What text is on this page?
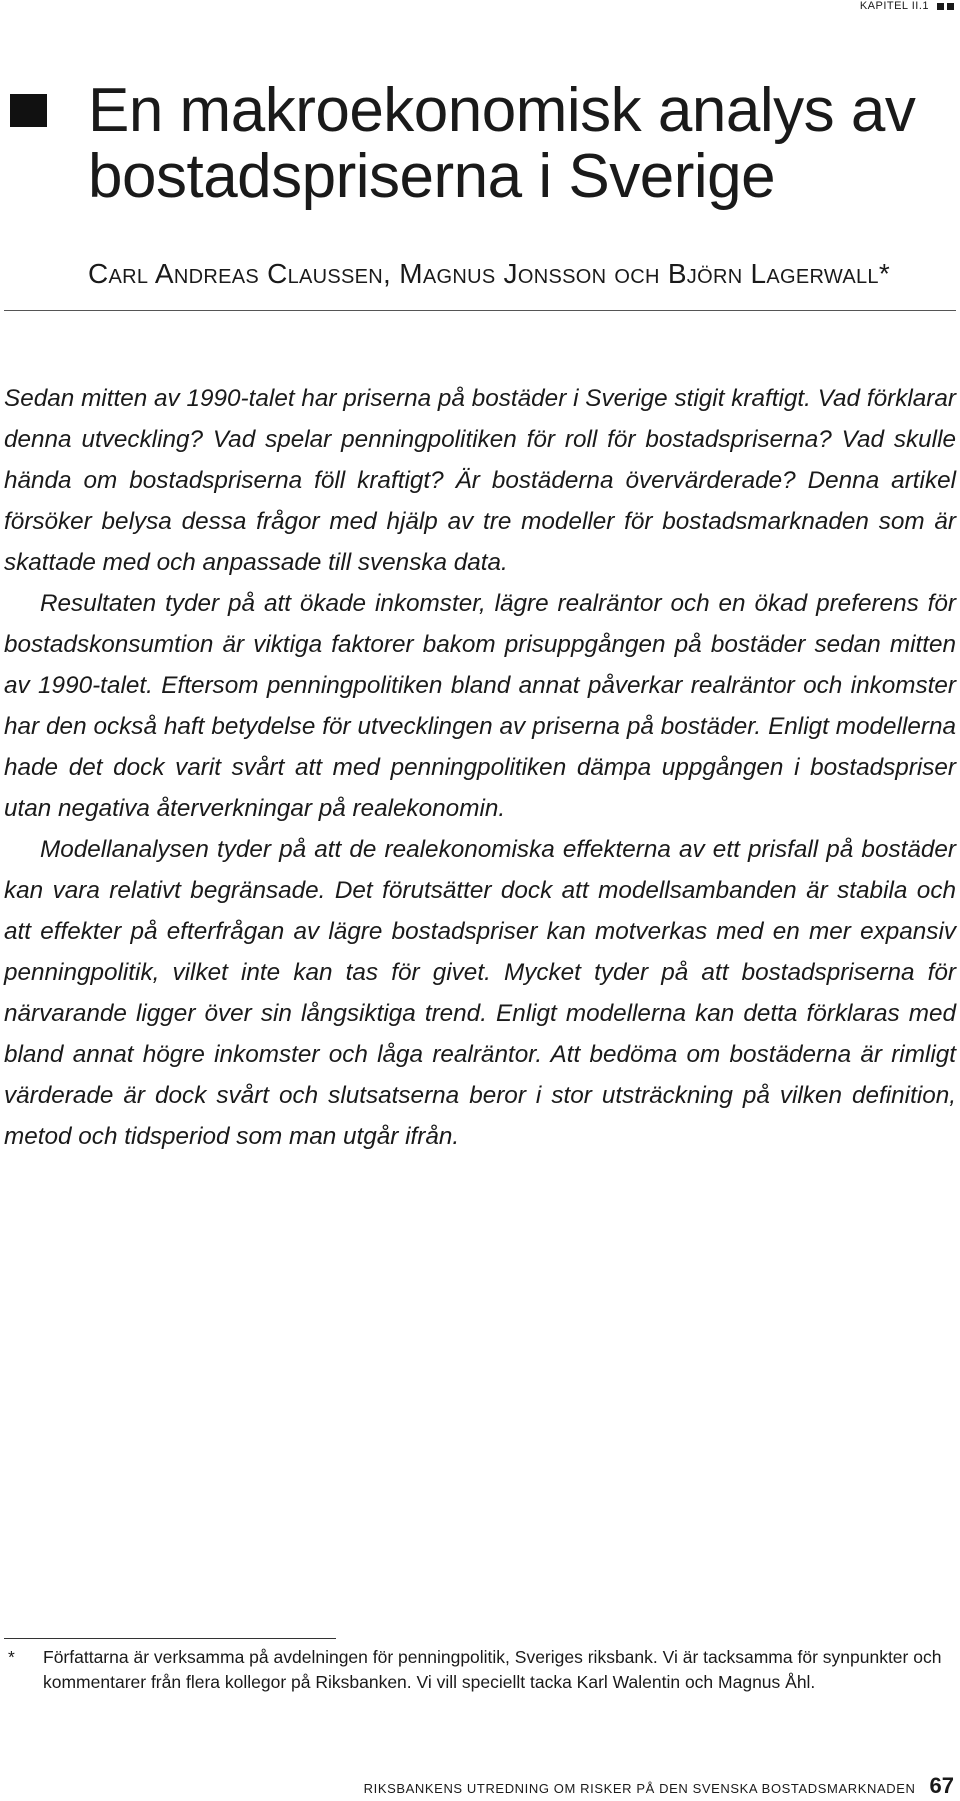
KAPITEL II.1
En makroekonomisk analys av bostadspriserna i Sverige
Carl Andreas Claussen, Magnus Jonsson och Björn Lagerwall*

Sedan mitten av 1990-talet har priserna på bostäder i Sverige stigit kraftigt. Vad förklarar denna utveckling? Vad spelar penningpolitiken för roll för bostadspriserna? Vad skulle hända om bostadspriserna föll kraftigt? Är bostäderna övervärderade? Denna artikel försöker belysa dessa frågor med hjälp av tre modeller för bostadsmarknaden som är skattade med och anpassade till svenska data.

Resultaten tyder på att ökade inkomster, lägre realräntor och en ökad preferens för bostadskonsumtion är viktiga faktorer bakom prisuppgången på bostäder sedan mitten av 1990-talet. Eftersom penningpolitiken bland annat påverkar realräntor och inkomster har den också haft betydelse för utvecklingen av priserna på bostäder. Enligt modellerna hade det dock varit svårt att med penningpolitiken dämpa uppgången i bostadspriser utan negativa återverkningar på realekonomin.

Modellanalysen tyder på att de realekonomiska effekterna av ett prisfall på bostäder kan vara relativt begränsade. Det förutsätter dock att modellsambanden är stabila och att effekter på efterfrågan av lägre bostadspriser kan motverkas med en mer expansiv penningpolitik, vilket inte kan tas för givet. Mycket tyder på att bostadspriserna för närvarande ligger över sin långsiktiga trend. Enligt modellerna kan detta förklaras med bland annat högre inkomster och låga realräntor. Att bedöma om bostäderna är rimligt värderade är dock svårt och slutsatserna beror i stor utsträckning på vilken definition, metod och tidsperiod som man utgår ifrån.

*	Författarna är verksamma på avdelningen för penningpolitik, Sveriges riksbank. Vi är tacksamma för synpunkter och kommentarer från flera kollegor på Riksbanken. Vi vill speciellt tacka Karl Walentin och Magnus Åhl.
RIKSBANKENS UTREDNING OM RISKER PÅ DEN SVENSKA BOSTADSMARKNADEN 67
